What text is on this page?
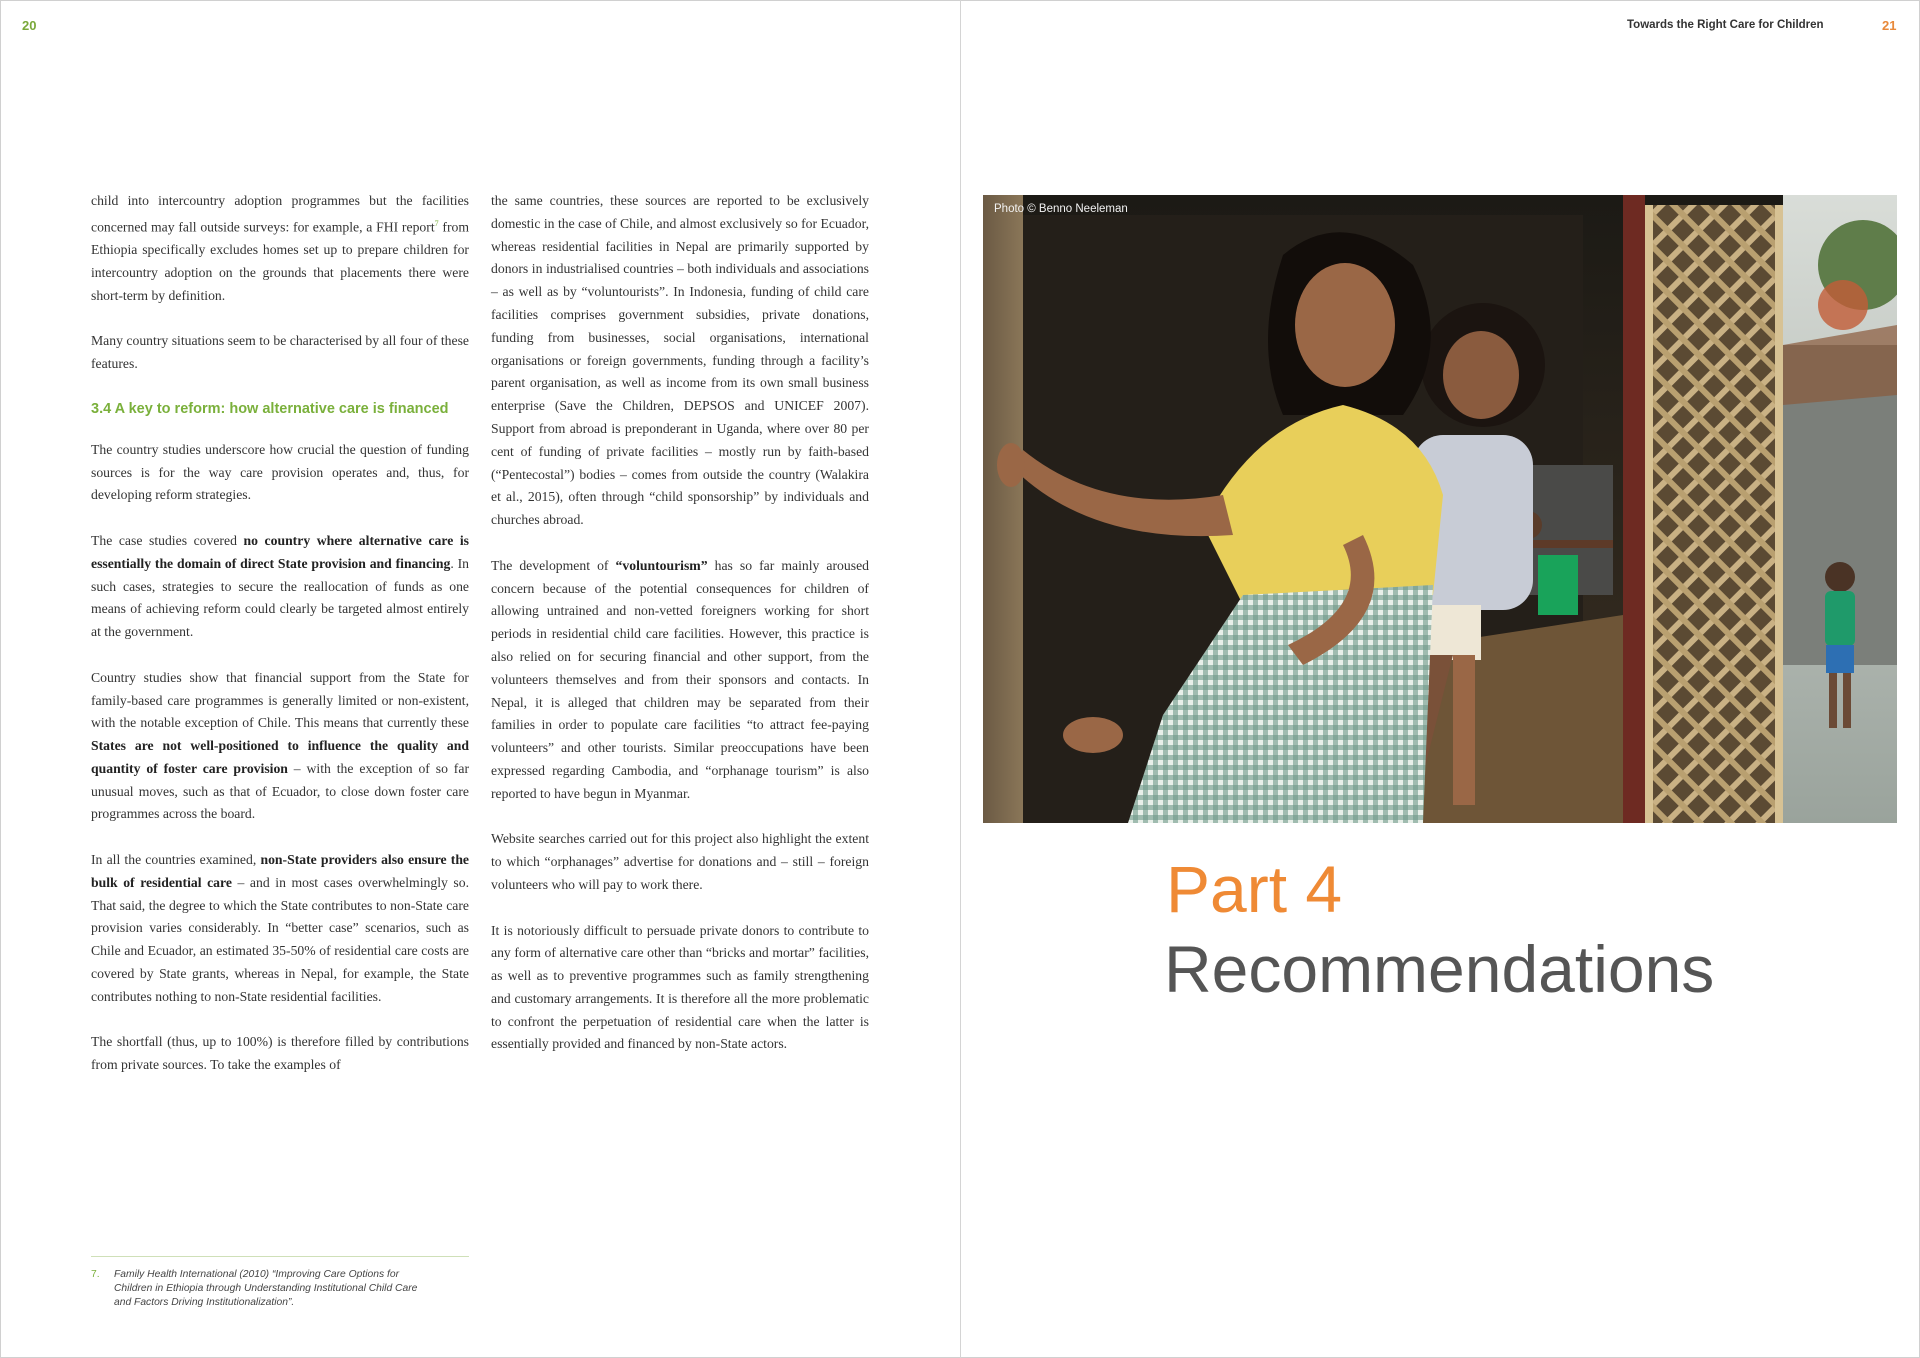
20	Towards the Right Care for Children	21

child into intercountry adoption programmes but the facilities concerned may fall outside surveys: for example, a FHI report$^7$ from Ethiopia specifically excludes homes set up to prepare children for intercountry adoption on the grounds that placements there were short-term by definition.

Many country situations seem to be characterised by all four of these features.

3.4 A key to reform: how alternative care is financed

The country studies underscore how crucial the question of funding sources is for the way care provision operates and, thus, for developing reform strategies.

The case studies covered no country where alternative care is essentially the domain of direct State provision and financing. In such cases, strategies to secure the reallocation of funds as one means of achieving reform could clearly be targeted almost entirely at the government.

Country studies show that financial support from the State for family-based care programmes is generally limited or non-existent, with the notable exception of Chile. This means that currently these States are not well-positioned to influence the quality and quantity of foster care provision – with the exception of so far unusual moves, such as that of Ecuador, to close down foster care programmes across the board.

In all the countries examined, non-State providers also ensure the bulk of residential care – and in most cases overwhelmingly so. That said, the degree to which the State contributes to non-State care provision varies considerably. In “better case” scenarios, such as Chile and Ecuador, an estimated 35-50% of residential care costs are covered by State grants, whereas in Nepal, for example, the State contributes nothing to non-State residential facilities.

The shortfall (thus, up to 100%) is therefore filled by contributions from private sources. To take the examples of

the same countries, these sources are reported to be exclusively domestic in the case of Chile, and almost exclusively so for Ecuador, whereas residential facilities in Nepal are primarily supported by donors in industrialised countries – both individuals and associations – as well as by “voluntourists”. In Indonesia, funding of child care facilities comprises government subsidies, private donations, funding from businesses, social organisations, international organisations or foreign governments, funding through a facility’s parent organisation, as well as income from its own small business enterprise (Save the Children, DEPSOS and UNICEF 2007). Support from abroad is preponderant in Uganda, where over 80 per cent of funding of private facilities – mostly run by faith-based (“Pentecostal”) bodies – comes from outside the country (Walakira et al., 2015), often through “child sponsorship” by individuals and churches abroad.

The development of “voluntourism” has so far mainly aroused concern because of the potential consequences for children of allowing untrained and non-vetted foreigners working for short periods in residential child care facilities. However, this practice is also relied on for securing financial and other support, from the volunteers themselves and from their sponsors and contacts. In Nepal, it is alleged that children may be separated from their families in order to populate care facilities “to attract fee-paying volunteers” and other tourists. Similar preoccupations have been expressed regarding Cambodia, and “orphanage tourism” is also reported to have begun in Myanmar.

Website searches carried out for this project also highlight the extent to which “orphanages” advertise for donations and – still – foreign volunteers who will pay to work there.

It is notoriously difficult to persuade private donors to contribute to any form of alternative care other than “bricks and mortar” facilities, as well as to preventive programmes such as family strengthening and customary arrangements. It is therefore all the more problematic to confront the perpetuation of residential care when the latter is essentially provided and financed by non-State actors.

7. Family Health International (2010) “Improving Care Options for Children in Ethiopia through Understanding Institutional Child Care and Factors Driving Institutionalization”.
Photo © Benno Neeleman
Part 4
Recommendations
